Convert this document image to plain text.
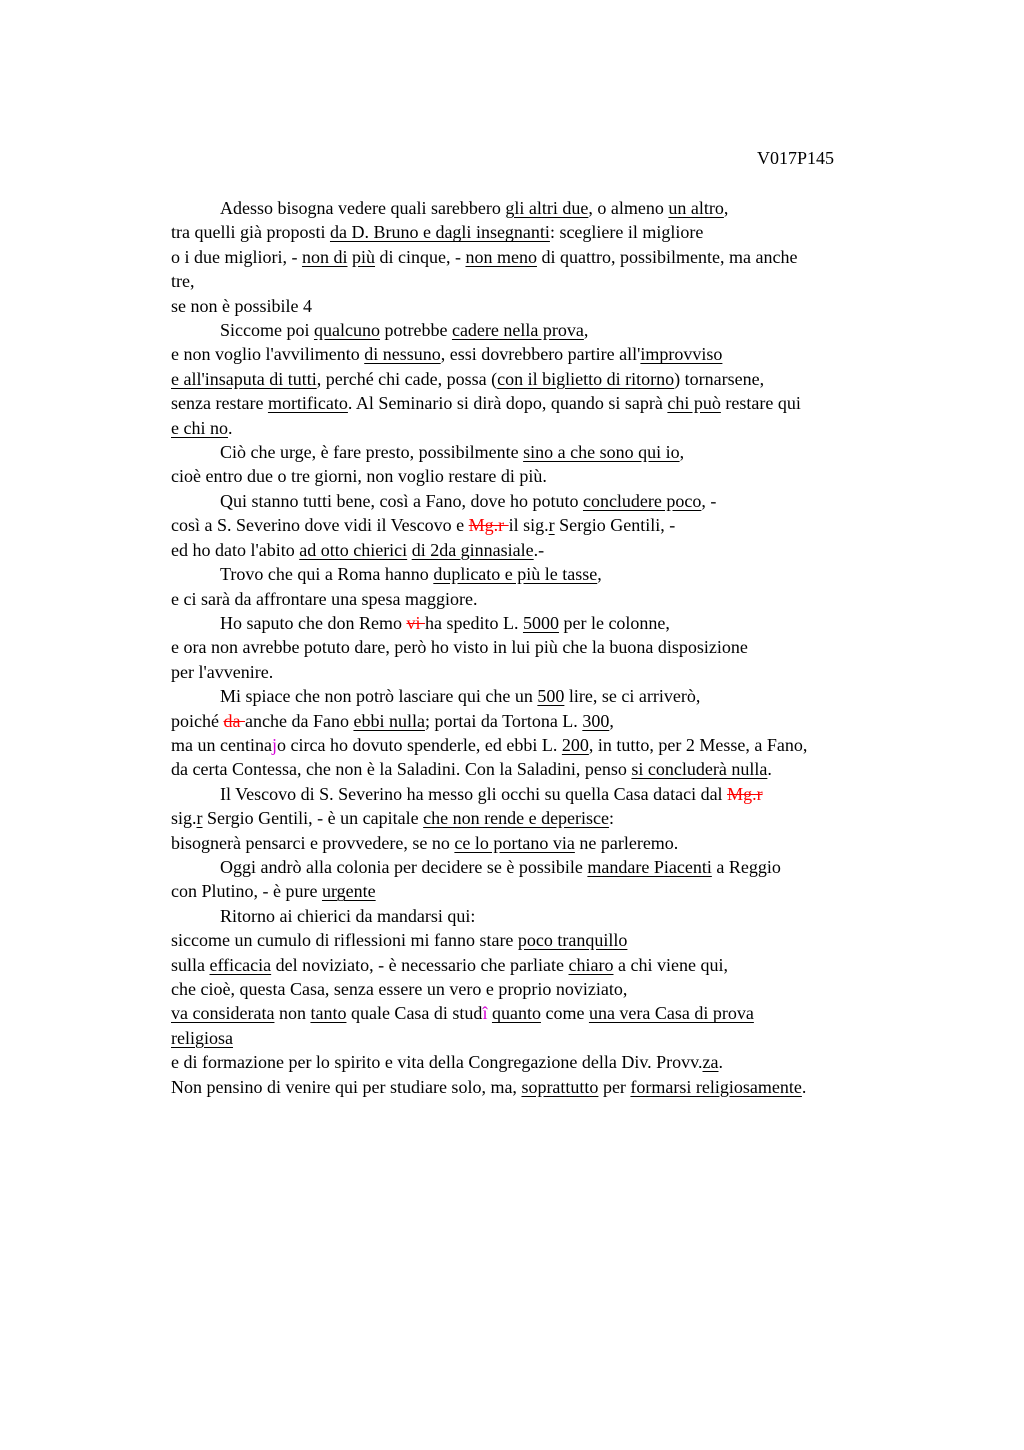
V017P145
Adesso bisogna vedere quali sarebbero gli altri due, o almeno un altro,
tra quelli già proposti da D. Bruno e dagli insegnanti: scegliere il migliore
o i due migliori, - non di più di cinque, - non meno di quattro, possibilmente, ma anche
tre,
se non è possibile 4
Siccome poi qualcuno potrebbe cadere nella prova,
e non voglio l'avvilimento di nessuno, essi dovrebbero partire all'improvviso
e all'insaputa di tutti, perché chi cade, possa (con il biglietto di ritorno) tornarsene,
senza restare mortificato. Al Seminario si dirà dopo, quando si saprà chi può restare qui
e chi no.
Ciò che urge, è fare presto, possibilmente sino a che sono qui io,
cioè entro due o tre giorni, non voglio restare di più.
Qui stanno tutti bene, così a Fano, dove ho potuto concludere poco, -
così a S. Severino dove vidi il Vescovo e Mg.r il sig.r Sergio Gentili, -
ed ho dato l'abito ad otto chierici di 2da ginnasiale.-
Trovo che qui a Roma hanno duplicato e più le tasse,
e ci sarà da affrontare una spesa maggiore.
Ho saputo che don Remo vi ha spedito L. 5000 per le colonne,
e ora non avrebbe potuto dare, però ho visto in lui più che la buona disposizione
per l'avvenire.
Mi spiace che non potrò lasciare qui che un 500 lire, se ci arriverò,
poiché da anche da Fano ebbi nulla; portai da Tortona L. 300,
ma un centinajo circa ho dovuto spenderle, ed ebbi L. 200, in tutto, per 2 Messe, a Fano,
da certa Contessa, che non è la Saladini. Con la Saladini, penso si concluderà nulla.
Il Vescovo di S. Severino ha messo gli occhi su quella Casa dataci dal Mg.r
sig.r Sergio Gentili, - è un capitale che non rende e deperisce:
bisognerà pensarci e provvedere, se no ce lo portano via ne parleremo.
Oggi andrò alla colonia per decidere se è possibile mandare Piacenti a Reggio
con Plutino, - è pure urgente
Ritorno ai chierici da mandarsi qui:
siccome un cumulo di riflessioni mi fanno stare poco tranquillo
sulla efficacia del noviziato, - è necessario che parliate chiaro a chi viene qui,
che cioè, questa Casa, senza essere un vero e proprio noviziato,
va considerata non tanto quale Casa di studî quanto come una vera Casa di prova
religiosa
e di formazione per lo spirito e vita della Congregazione della Div. Provv.za.
Non pensino di venire qui per studiare solo, ma, soprattutto per formarsi religiosamente.
